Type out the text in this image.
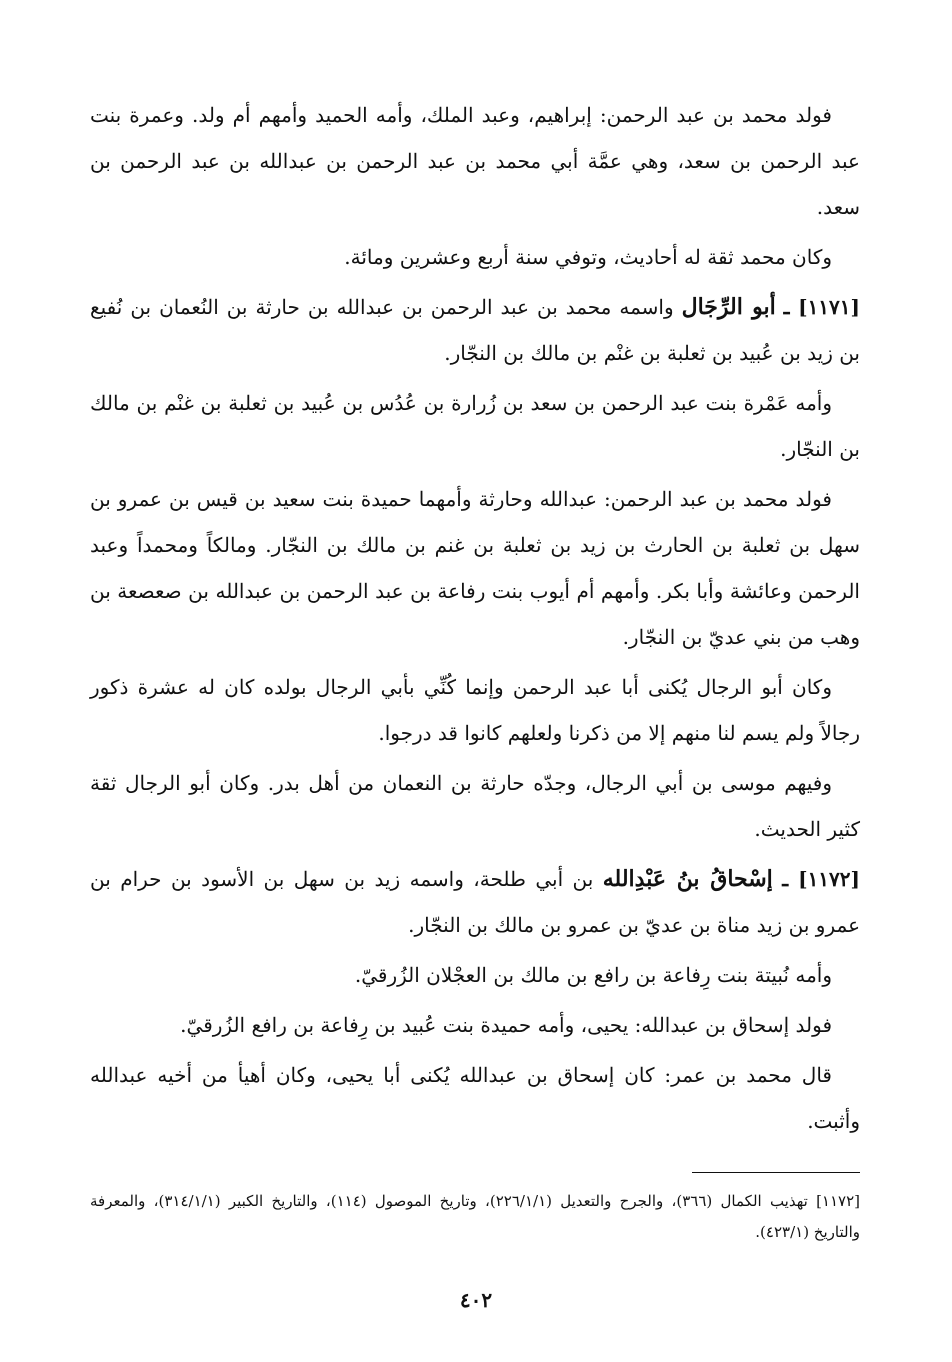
فولد محمد بن عبد الرحمن: إبراهيم، وعبد الملك، وأمه الحميد وأمهم أم ولد. وعمرة بنت عبد الرحمن بن سعد، وهي عمَّة أبي محمد بن عبد الرحمن بن عبدالله بن عبد الرحمن بن سعد.

وكان محمد ثقة له أحاديث، وتوفي سنة أربع وعشرين ومائة.

[١١٧١] ـ أبو الرِّجَال واسمه محمد بن عبد الرحمن بن عبدالله بن حارثة بن النُعمان بن نُفيع بن زيد بن عُبيد بن ثعلبة بن غنْم بن مالك بن النجّار.

وأمه عَمْرة بنت عبد الرحمن بن سعد بن زُرارة بن عُدُس بن عُبيد بن ثعلبة بن غنْم بن مالك بن النجّار.

فولد محمد بن عبد الرحمن: عبدالله وحارثة وأمهما حميدة بنت سعيد بن قيس بن عمرو بن سهل بن ثعلبة بن الحارث بن زيد بن ثعلبة بن غنم بن مالك بن النجّار. ومالكاً ومحمداً وعبد الرحمن وعائشة وأبا بكر. وأمهم أم أيوب بنت رفاعة بن عبد الرحمن بن عبدالله بن صعصعة بن وهب من بني عديّ بن النجّار.

وكان أبو الرجال يُكنى أبا عبد الرحمن وإنما كُنِّي بأبي الرجال بولده كان له عشرة ذكور رجالاً ولم يسم لنا منهم إلا من ذكرنا ولعلهم كانوا قد درجوا.

وفيهم موسى بن أبي الرجال، وجدّه حارثة بن النعمان من أهل بدر. وكان أبو الرجال ثقة كثير الحديث.

[١١٧٢] ـ إسْحاقُ بنُ عَبْدِالله بن أبي طلحة، واسمه زيد بن سهل بن الأسود بن حرام بن عمرو بن زيد مناة بن عديّ بن عمرو بن مالك بن النجّار.

وأمه نُبيتة بنت رِفاعة بن رافع بن مالك بن العجْلان الزُرقيّ.

فولد إسحاق بن عبدالله: يحيى، وأمه حميدة بنت عُبيد بن رِفاعة بن رافع الزُرقيّ.

قال محمد بن عمر: كان إسحاق بن عبدالله يُكنى أبا يحيى، وكان أهيأ من أخيه عبدالله وأثبت.

[١١٧٢] تهذيب الكمال (٣٦٦)، والجرح والتعديل (٢٢٦/١/١)، وتاريخ الموصول (١١٤)، والتاريخ الكبير (٣١٤/١/١)، والمعرفة والتاريخ (٤٢٣/١).

٤٠٢
